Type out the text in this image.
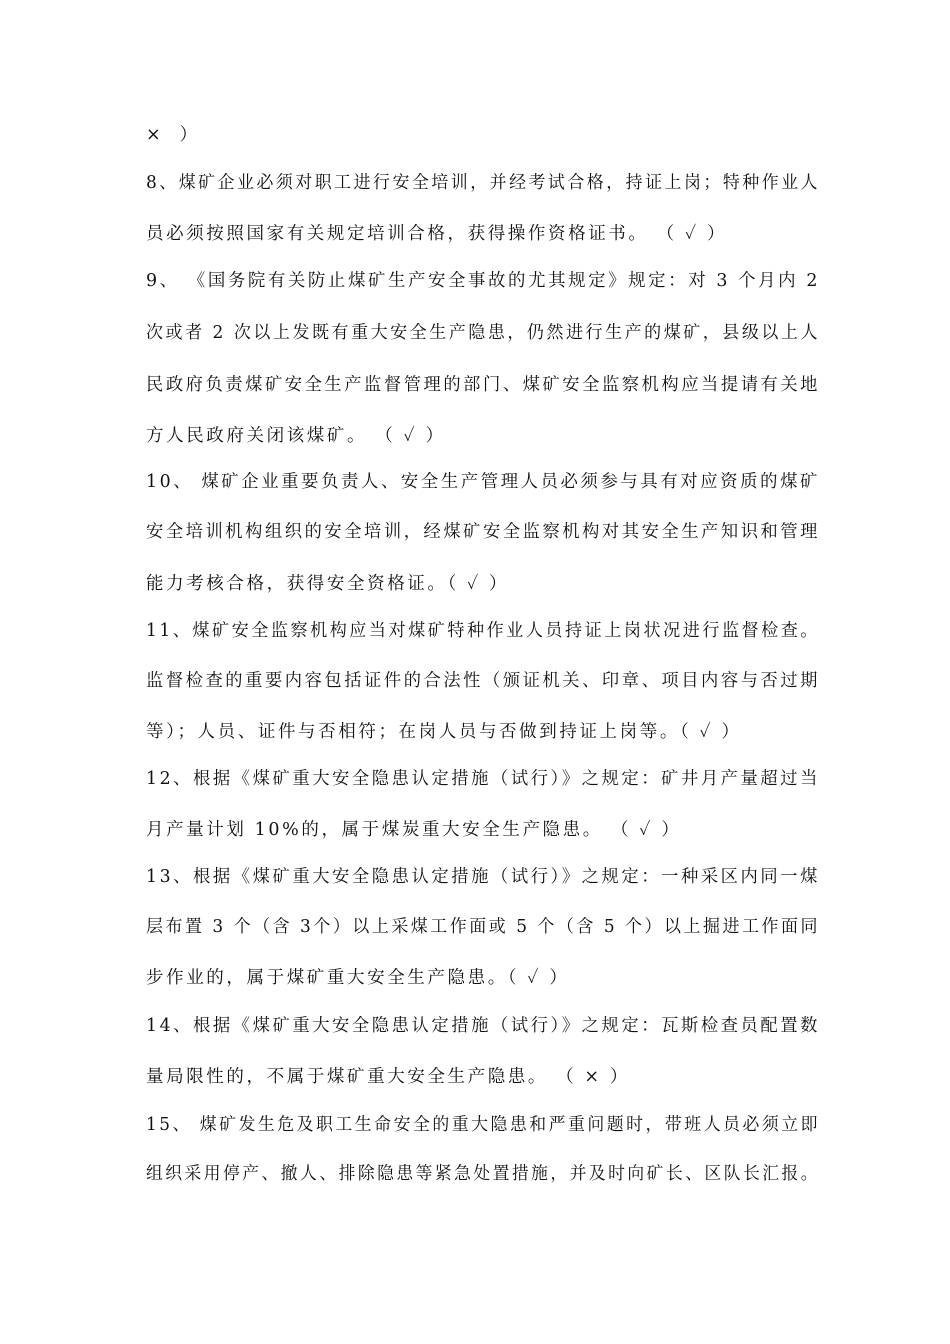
×  ）
8、煤矿企业必须对职工进行安全培训，并经考试合格，持证上岗；特种作业人
员必须按照国家有关规定培训合格，获得操作资格证书。 （ ✓ ）
9、 《国务院有关防止煤矿生产安全事故的尤其规定》规定：对 3 个月内 2
次或者 2 次以上发既有重大安全生产隐患，仍然进行生产的煤矿，县级以上人
民政府负责煤矿安全生产监督管理的部门、煤矿安全监察机构应当提请有关地
方人民政府关闭该煤矿。 （ ✓ ）
10、 煤矿企业重要负责人、安全生产管理人员必须参与具有对应资质的煤矿
安全培训机构组织的安全培训，经煤矿安全监察机构对其安全生产知识和管理
能力考核合格，获得安全资格证。（ ✓ ）
11、煤矿安全监察机构应当对煤矿特种作业人员持证上岗状况进行监督检查。
监督检查的重要内容包括证件的合法性（颁证机关、印章、项目内容与否过期
等）；人员、证件与否相符；在岗人员与否做到持证上岗等。（ ✓ ）
12、根据《煤矿重大安全隐患认定措施（试行）》之规定：矿井月产量超过当
月产量计划 10%的，属于煤炭重大安全生产隐患。 （ ✓ ）
13、根据《煤矿重大安全隐患认定措施（试行）》之规定：一种采区内同一煤
层布置 3 个（含 3个）以上采煤工作面或 5 个（含 5 个）以上掘进工作面同
步作业的，属于煤矿重大安全生产隐患。（ ✓ ）
14、根据《煤矿重大安全隐患认定措施（试行）》之规定：瓦斯检查员配置数
量局限性的，不属于煤矿重大安全生产隐患。 （ × ）
15、 煤矿发生危及职工生命安全的重大隐患和严重问题时，带班人员必须立即
组织采用停产、撤人、排除隐患等紧急处置措施，并及时向矿长、区队长汇报。
